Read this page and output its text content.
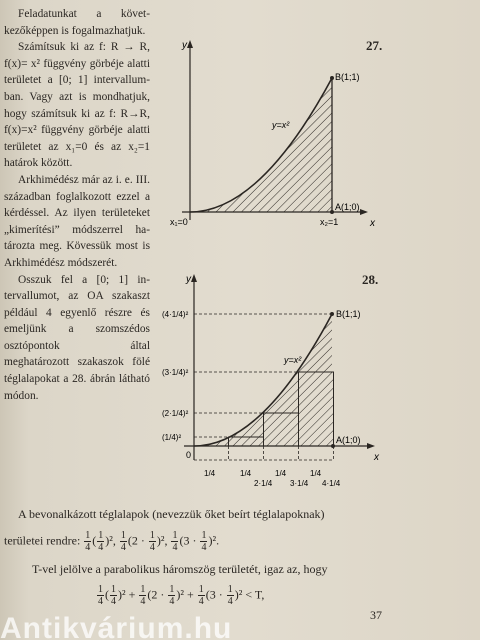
Feladatunkat a következőképpen is fogalmazhatjuk.

Számítsuk ki az f: R → R, f(x)= x² függvény görbéje alatti területet a [0; 1] intervallumban. Vagy azt is mondhatjuk, hogy számítsuk ki az f: R→R, f(x)=x² függvény görbéje alatti területet az x₁=0 és az x₂=1 határok között.

Arkhimédész már az i. e. III. században foglalkozott ezzel a kérdéssel. Az ilyen területeket „kimerítési” módszerrel határozta meg. Kövessük most is Arkhimédész módszerét.

Osszuk fel a [0; 1] intervallumot, az OA szakaszt például 4 egyenlő részre és emeljünk a szomszédos osztópontok által meghatározott szakaszok fölé téglalapokat a 28. ábrán látható módon.

27.
y
x
B(1;1)
A(1;0)
y=x²
x₁=0	x₂=1
28.
y
x
B(1;1)
A(1;0)
y=x²
0
(4·1/4)²
(3·1/4)²
(2·1/4)²
(1/4)²
1/4	1/4
2·1/4
1/4
3·1/4
1/4
4·1/4
A bevonalkázott téglalapok (nevezzük őket beírt téglalapoknak)
területei rendre: $\frac{1}{4}$ ( $\frac{1}{4} )^2$, $\frac{1}{4} (2 \cdot \frac{1}{4} )^2$, $\frac{1}{4} (3 \cdot \frac{1}{4} )^2$.
T-vel jelölve a parabolikus háromszög területét, igaz az, hogy
$\frac{1}{4}$ ( $\frac{1}{4} )^2 + \frac{1}{4} (2 \cdot \frac{1}{4} )^2 + \frac{1}{4} (3 \cdot \frac{1}{4} )^2 < T$,
37
Antikvárium.hu
